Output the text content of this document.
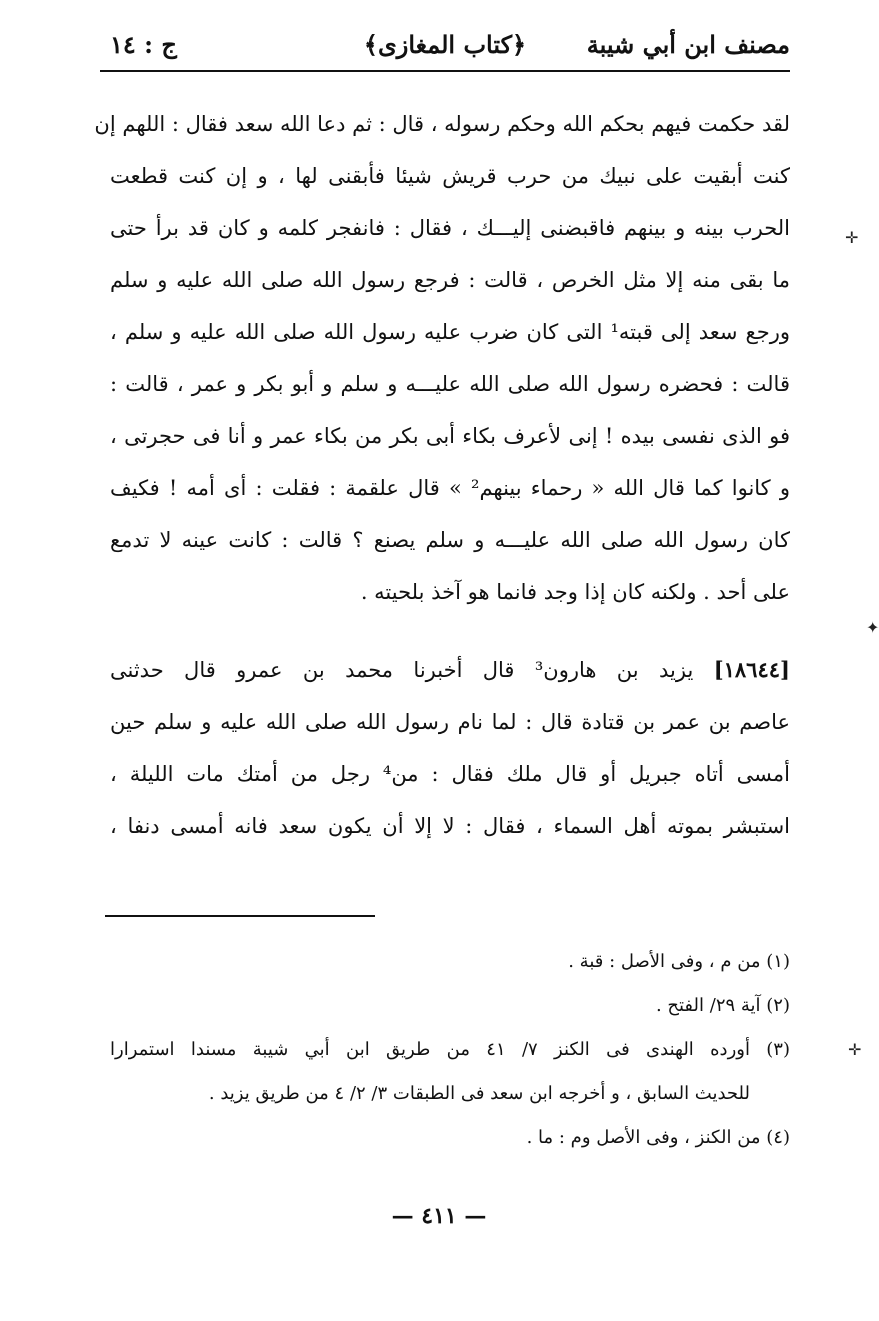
مصنف ابن أبي شيبة
﴿كتاب المغازى﴾
ج : ١٤
لقد حكمت فيهم بحكم الله وحكم رسوله ، قال : ثم دعا الله سعد فقال : اللهم إن
كنت أبقيت على نبيك من حرب قريش شيئا فأبقنى لها ، و إن كنت قطعت
الحرب بينه و بينهم فاقبضنى إليـــك ، فقال : فانفجر كلمه و كان قد برأ حتى
ما بقى منه إلا مثل الخرص ، قالت : فرجع رسول الله صلى الله عليه و سلم
ورجع سعد إلى قبته¹ التى كان ضرب عليه رسول الله صلى الله عليه و سلم ،
قالت : فحضره رسول الله صلى الله عليـــه و سلم و أبو بكر و عمر ، قالت :
فو الذى نفسى بيده ! إنى لأعرف بكاء أبى بكر من بكاء عمر و أنا فى حجرتى ،
و كانوا كما قال الله « رحماء بينهم² » قال علقمة : فقلت : أى أمه ! فكيف
كان رسول الله صلى الله عليـــه و سلم يصنع ؟ قالت : كانت عينه لا تدمع
على أحد . ولكنه كان إذا وجد فانما هو آخذ بلحيته .
[١٨٦٤٤] يزيد بن هارون³ قال أخبرنا محمد بن عمرو قال حدثنى
عاصم بن عمر بن قتادة قال : لما نام رسول الله صلى الله عليه و سلم حين
أمسى أتاه جبريل أو قال ملك فقال : من⁴ رجل من أمتك مات الليلة ،
استبشر بموته أهل السماء ، فقال : لا إلا أن يكون سعد فانه أمسى دنفا ،
(١) من م ، وفى الأصل : قبة .
(٢) آية ٢٩/ الفتح .
(٣) أورده الهندى فى الكنز ٧/ ٤١ من طريق ابن أبي شيبة مسندا استمرارا
للحديث السابق ، و أخرجه ابن سعد فى الطبقات ٣/ ٢/ ٤ من طريق يزيد .
(٤) من الكنز ، وفى الأصل وم : ما .
— ٤١١ —
✛
✦
✛
